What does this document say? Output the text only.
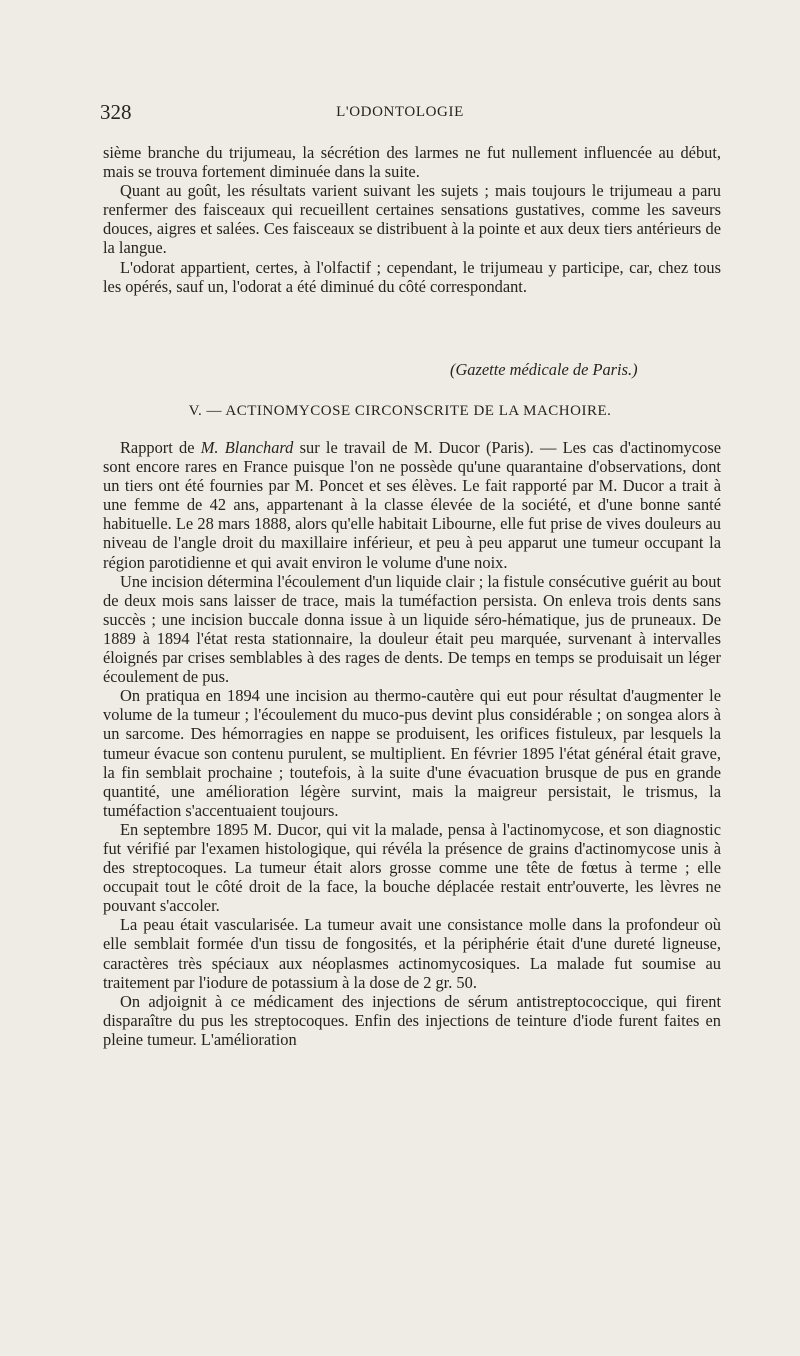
328	L'ODONTOLOGIE

sième branche du trijumeau, la sécrétion des larmes ne fut nullement influencée au début, mais se trouva fortement diminuée dans la suite.

Quant au goût, les résultats varient suivant les sujets ; mais toujours le trijumeau a paru renfermer des faisceaux qui recueillent certaines sensations gustatives, comme les saveurs douces, aigres et salées. Ces faisceaux se distribuent à la pointe et aux deux tiers antérieurs de la langue.

L'odorat appartient, certes, à l'olfactif ; cependant, le trijumeau y participe, car, chez tous les opérés, sauf un, l'odorat a été diminué du côté correspondant.

(Gazette médicale de Paris.)
V. — ACTINOMYCOSE CIRCONSCRITE DE LA MACHOIRE.

Rapport de M. Blanchard sur le travail de M. Ducor (Paris). — Les cas d'actinomycose sont encore rares en France puisque l'on ne possède qu'une quarantaine d'observations, dont un tiers ont été fournies par M. Poncet et ses élèves. Le fait rapporté par M. Ducor a trait à une femme de 42 ans, appartenant à la classe élevée de la société, et d'une bonne santé habituelle. Le 28 mars 1888, alors qu'elle habitait Libourne, elle fut prise de vives douleurs au niveau de l'angle droit du maxillaire inférieur, et peu à peu apparut une tumeur occupant la région parotidienne et qui avait environ le volume d'une noix.

Une incision détermina l'écoulement d'un liquide clair ; la fistule consécutive guérit au bout de deux mois sans laisser de trace, mais la tuméfaction persista. On enleva trois dents sans succès ; une incision buccale donna issue à un liquide séro-hématique, jus de pruneaux. De 1889 à 1894 l'état resta stationnaire, la douleur était peu marquée, survenant à intervalles éloignés par crises semblables à des rages de dents. De temps en temps se produisait un léger écoulement de pus.

On pratiqua en 1894 une incision au thermo-cautère qui eut pour résultat d'augmenter le volume de la tumeur ; l'écoulement du muco-pus devint plus considérable ; on songea alors à un sarcome. Des hémorragies en nappe se produisent, les orifices fistuleux, par lesquels la tumeur évacue son contenu purulent, se multiplient. En février 1895 l'état général était grave, la fin semblait prochaine ; toutefois, à la suite d'une évacuation brusque de pus en grande quantité, une amélioration légère survint, mais la maigreur persistait, le trismus, la tuméfaction s'accentuaient toujours.

En septembre 1895 M. Ducor, qui vit la malade, pensa à l'actinomycose, et son diagnostic fut vérifié par l'examen histologique, qui révéla la présence de grains d'actinomycose unis à des streptocoques. La tumeur était alors grosse comme une tête de fœtus à terme ; elle occupait tout le côté droit de la face, la bouche déplacée restait entr'ouverte, les lèvres ne pouvant s'accoler.

La peau était vascularisée. La tumeur avait une consistance molle dans la profondeur où elle semblait formée d'un tissu de fongosités, et la périphérie était d'une dureté ligneuse, caractères très spéciaux aux néoplasmes actinomycosiques. La malade fut soumise au traitement par l'iodure de potassium à la dose de 2 gr. 50.

On adjoignit à ce médicament des injections de sérum antistreptococcique, qui firent disparaître du pus les streptocoques. Enfin des injections de teinture d'iode furent faites en pleine tumeur. L'amélioration
